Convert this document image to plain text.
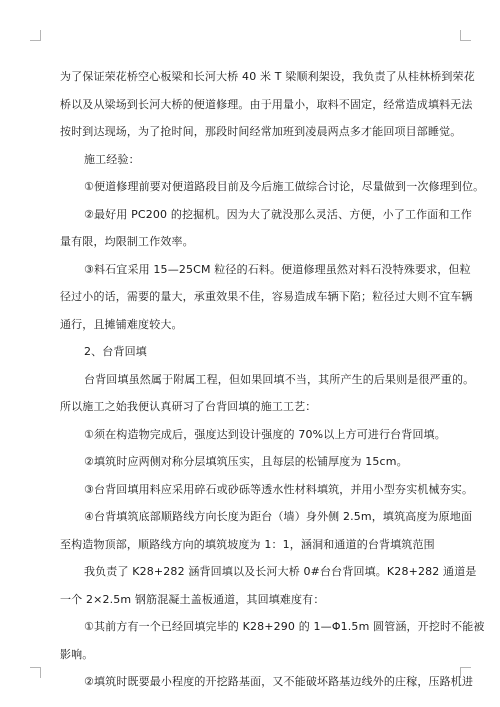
为了保证荣花桥空心板梁和长河大桥 40 米 T 梁顺利架设，我负责了从桂林桥到荣花
桥以及从梁场到长河大桥的便道修理。由于用量小，取料不固定，经常造成填料无法
按时到达现场，为了抢时间，那段时间经常加班到凌晨两点多才能回项目部睡觉。
施工经验：
①便道修理前要对便道路段目前及今后施工做综合讨论，尽量做到一次修理到位。
②最好用 PC200 的挖掘机。因为大了就没那么灵活、方便，小了工作面和工作
量有限，均限制工作效率。
③料石宜采用 15—25CM 粒径的石料。便道修理虽然对料石没特殊要求，但粒
径过小的话，需要的量大，承重效果不佳，容易造成车辆下陷；粒径过大则不宜车辆
通行，且摊铺难度较大。
2、台背回填
台背回填虽然属于附属工程，但如果回填不当，其所产生的后果则是很严重的。
所以施工之始我便认真研习了台背回填的施工工艺：
①须在构造物完成后，强度达到设计强度的 70%以上方可进行台背回填。
②填筑时应两侧对称分层填筑压实，且每层的松铺厚度为 15cm。
③台背回填用料应采用碎石或砂砾等透水性材料填筑，并用小型夯实机械夯实。
④台背填筑底部顺路线方向长度为距台（墙）身外侧 2.5m，填筑高度为原地面
至构造物顶部，顺路线方向的填筑坡度为 1：1，涵洞和通道的台背填筑范围
我负责了 K28+282 涵背回填以及长河大桥 0#台台背回填。K28+282 通道是
一个 2×2.5m 钢筋混凝土盖板通道，其回填难度有：
①其前方有一个已经回填完毕的 K28+290 的 1—Φ1.5m 圆管涵，开挖时不能被
影响。
②填筑时既要最小程度的开挖路基面，又不能破坏路基边线外的庄稼，压路机进
